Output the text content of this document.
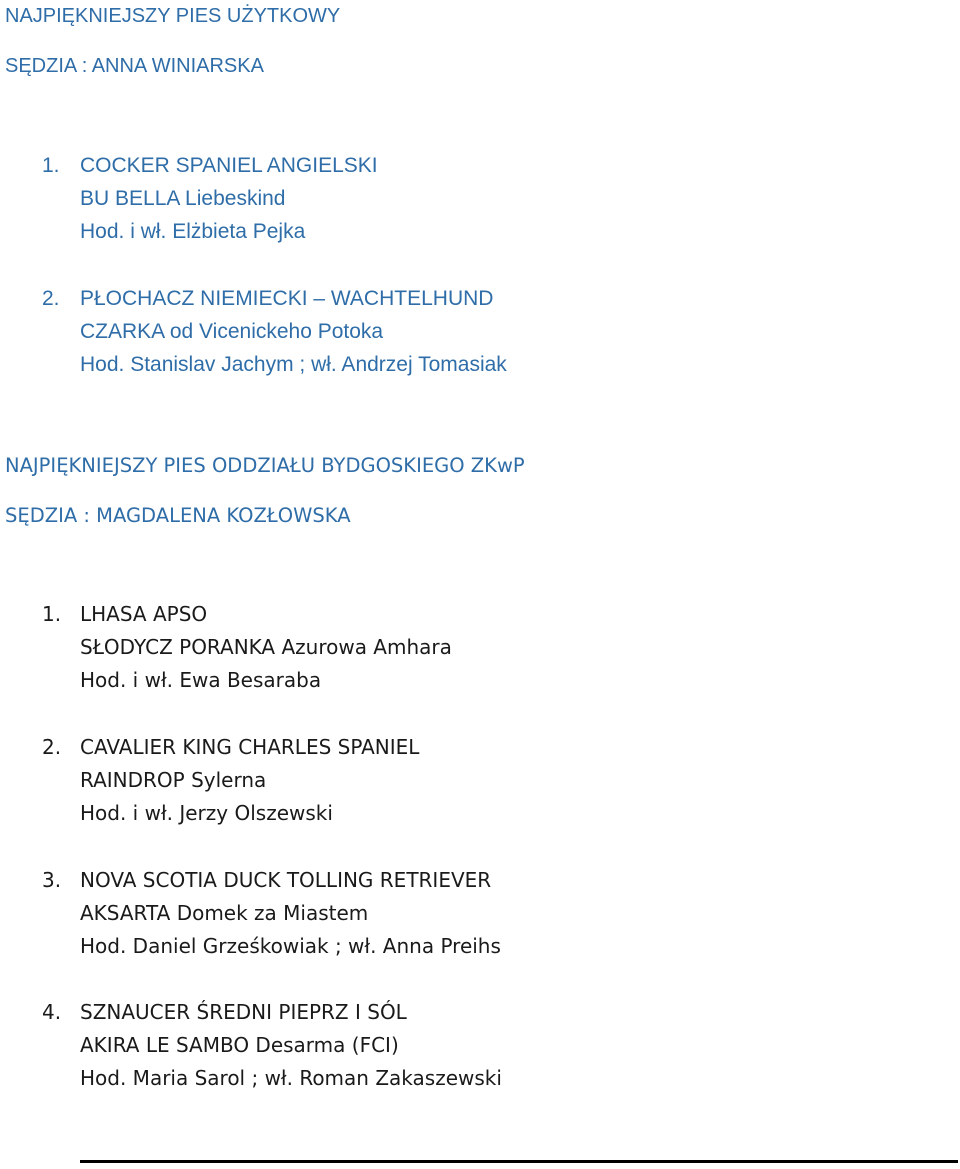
NAJPIĘKNIEJSZY PIES UŻYTKOWY
SĘDZIA : ANNA WINIARSKA
1. COCKER SPANIEL ANGIELSKI
BU BELLA Liebeskind
Hod. i wł. Elżbieta Pejka
2. PŁOCHACZ NIEMIECKI – WACHTELHUND
CZARKA od Vicenickeho Potoka
Hod. Stanislav Jachym ; wł. Andrzej Tomasiak
NAJPIĘKNIEJSZY PIES ODDZIAŁU BYDGOSKIEGO ZKwP
SĘDZIA : MAGDALENA KOZŁOWSKA
1. LHASA APSO
SŁODYCZ PORANKA Azurowa Amhara
Hod. i wł. Ewa Besaraba
2. CAVALIER KING CHARLES SPANIEL
RAINDROP Sylerna
Hod. i wł. Jerzy Olszewski
3. NOVA SCOTIA DUCK TOLLING RETRIEVER
AKSARTA Domek za Miastem
Hod. Daniel Grześkowiak ; wł. Anna Preihs
4. SZNAUCER ŚREDNI PIEPRZ I SÓL
AKIRA LE SAMBO Desarma (FCI)
Hod. Maria Sarol ; wł. Roman Zakaszewski
